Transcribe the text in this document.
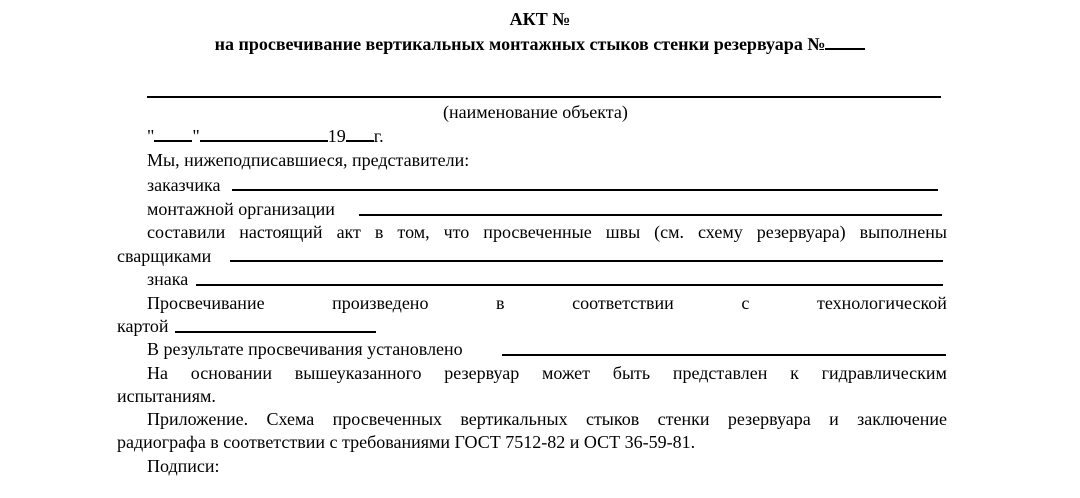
АКТ №
на просвечивание вертикальных монтажных стыков стенки резервуара №
(наименование объекта)
" "	19 г.
Мы, нижеподписавшиеся, представители:
заказчика
монтажной организации
составили настоящий акт в том, что просвеченные швы (см. схему резервуара) выполнены
сварщиками
знака
Просвечивание	произведено	в	соответствии	с	технологической
картой
В результате просвечивания установлено
На основании вышеуказанного резервуар может быть представлен к гидравлическим
испытаниям.
Приложение. Схема просвеченных вертикальных стыков стенки резервуара и заключение
радиографа в соответствии с требованиями ГОСТ 7512-82 и ОСТ 36-59-81.
Подписи:
